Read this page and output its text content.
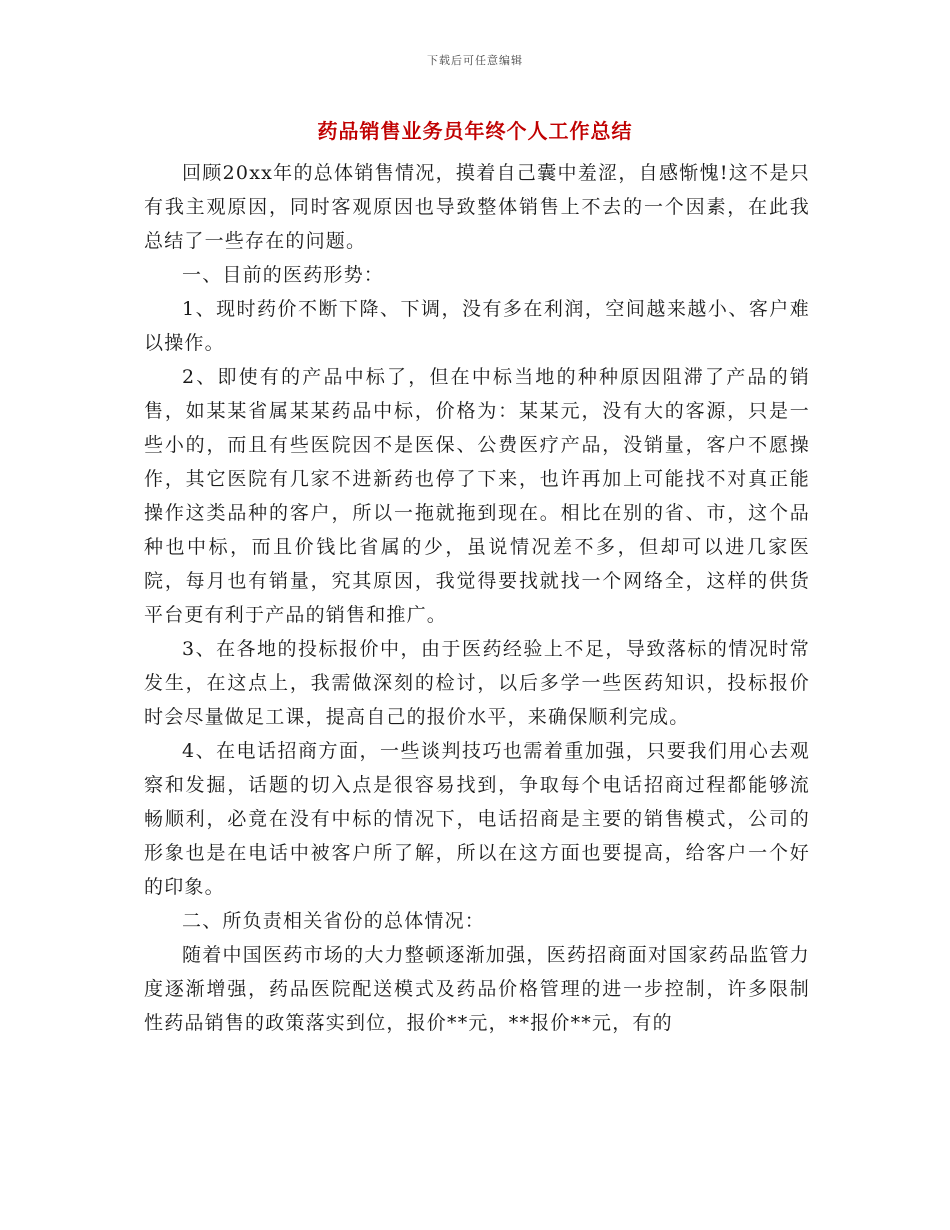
下载后可任意编辑
药品销售业务员年终个人工作总结

回顾20xx年的总体销售情况，摸着自己囊中羞涩，自感惭愧!这不是只有我主观原因，同时客观原因也导致整体销售上不去的一个因素，在此我总结了一些存在的问题。

一、目前的医药形势：

1、现时药价不断下降、下调，没有多在利润，空间越来越小、客户难以操作。

2、即使有的产品中标了，但在中标当地的种种原因阻滞了产品的销售，如某某省属某某药品中标，价格为：某某元，没有大的客源，只是一些小的，而且有些医院因不是医保、公费医疗产品，没销量，客户不愿操作，其它医院有几家不进新药也停了下来，也许再加上可能找不对真正能操作这类品种的客户，所以一拖就拖到现在。相比在别的省、市，这个品种也中标，而且价钱比省属的少，虽说情况差不多，但却可以进几家医院，每月也有销量，究其原因，我觉得要找就找一个网络全，这样的供货平台更有利于产品的销售和推广。

3、在各地的投标报价中，由于医药经验上不足，导致落标的情况时常发生，在这点上，我需做深刻的检讨，以后多学一些医药知识，投标报价时会尽量做足工课，提高自己的报价水平，来确保顺利完成。

4、在电话招商方面，一些谈判技巧也需着重加强，只要我们用心去观察和发掘，话题的切入点是很容易找到，争取每个电话招商过程都能够流畅顺利，必竟在没有中标的情况下，电话招商是主要的销售模式，公司的形象也是在电话中被客户所了解，所以在这方面也要提高，给客户一个好的印象。

二、所负责相关省份的总体情况：

随着中国医药市场的大力整顿逐渐加强，医药招商面对国家药品监管力度逐渐增强，药品医院配送模式及药品价格管理的进一步控制，许多限制性药品销售的政策落实到位，报价**元，**报价**元，有的
